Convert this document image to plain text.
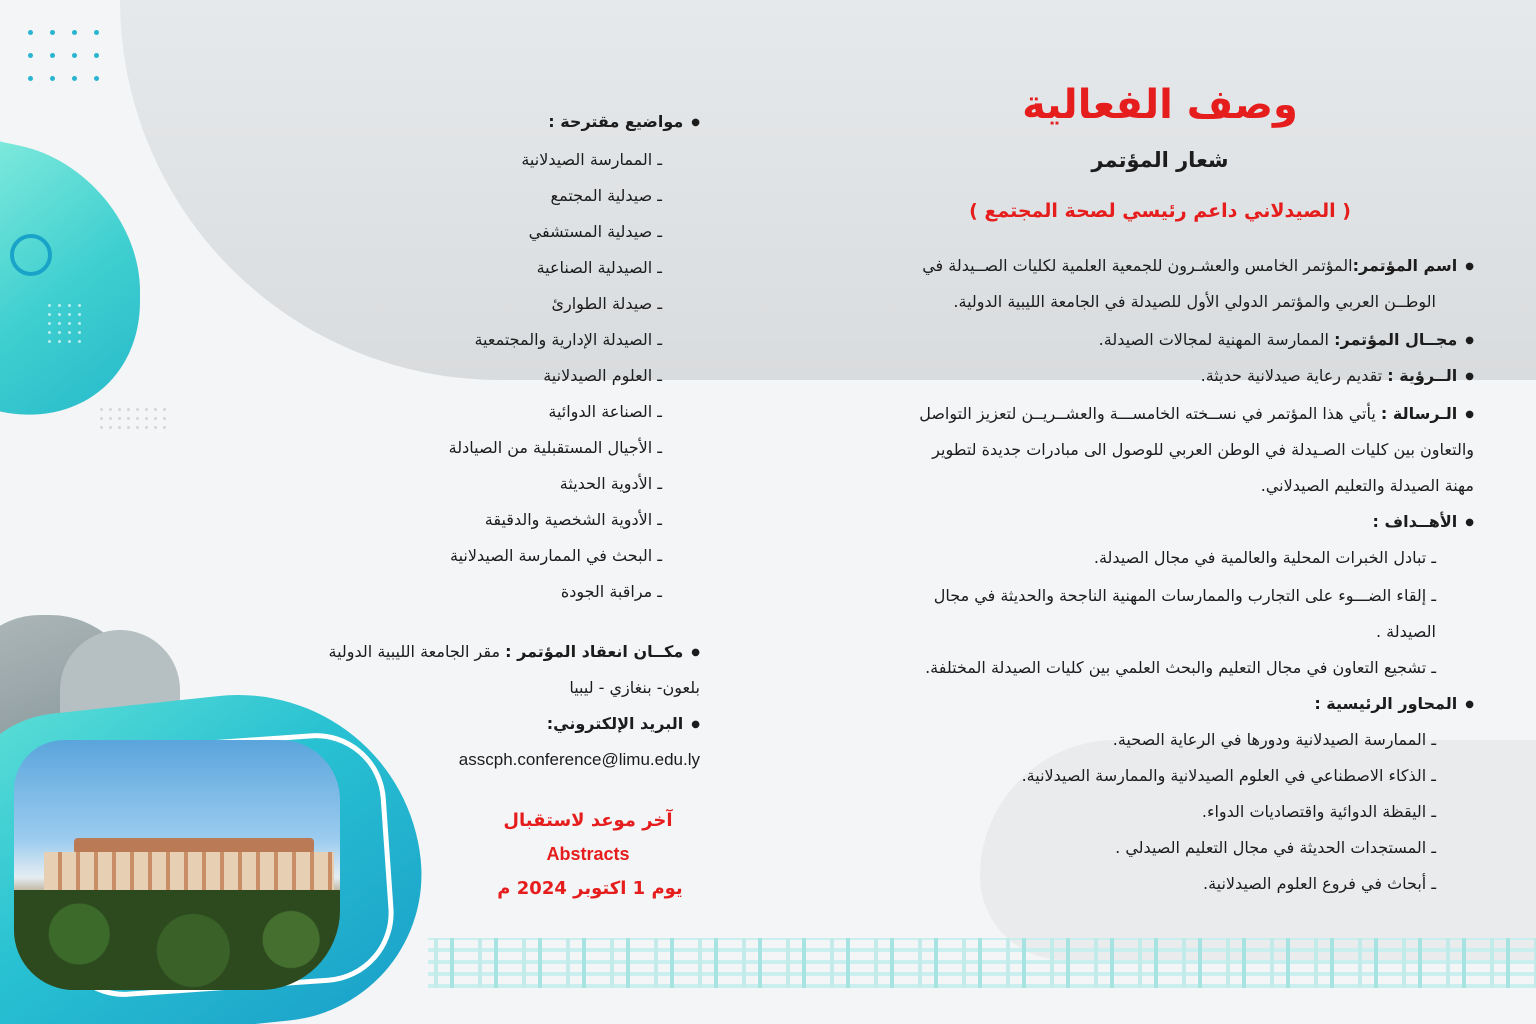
وصف الفعالية
شعار المؤتمر
( الصيدلاني داعم رئيسي لصحة المجتمع )
● اسم المؤتمر:المؤتمر الخامس والعشـرون للجمعية العلمية لكليات الصــيدلة في
الوطــن العربي والمؤتمر الدولي الأول للصيدلة في الجامعة الليبية الدولية.
● مجــال المؤتمر: الممارسة المهنية لمجالات الصيدلة.
● الــرؤية : تقديم رعاية صيدلانية حديثة.
● الـرسالة : يأتي هذا المؤتمر في نســخته الخامســـة والعشــريــن لتعزيز التواصل
والتعاون بين كليات الصـيدلة في الوطن العربي للوصول الى مبادرات جديدة لتطوير
مهنة الصيدلة والتعليم الصيدلاني.
● الأهــداف :
ـ تبادل الخبرات المحلية والعالمية في مجال الصيدلة.
ـ إلقاء الضـــوء على التجارب والممارسات المهنية الناجحة والحديثة في مجال
الصيدلة .
ـ تشجيع التعاون في مجال التعليم والبحث العلمي بين كليات الصيدلة المختلفة.
● المحاور الرئيسية :
ـ الممارسة الصيدلانية ودورها في الرعاية الصحية.
ـ الذكاء الاصطناعي في العلوم الصيدلانية والممارسة الصيدلانية.
ـ اليقظة الدوائية واقتصاديات الدواء.
ـ المستجدات الحديثة في مجال التعليم الصيدلي .
ـ أبحاث في فروع العلوم الصيدلانية.
● مواضيع مقترحة :
ـ الممارسة الصيدلانية
ـ صيدلية المجتمع
ـ صيدلية المستشفي
ـ الصيدلية الصناعية
ـ صيدلة الطوارئ
ـ الصيدلة الإدارية والمجتمعية
ـ العلوم الصيدلانية
ـ الصناعة الدوائية
ـ الأجيال المستقبلية من الصيادلة
ـ الأدوية الحديثة
ـ الأدوية الشخصية والدقيقة
ـ البحث في الممارسة الصيدلانية
ـ مراقبة الجودة
● مكــان انعقاد المؤتمر : مقر الجامعة الليبية الدولية
بلعون- بنغازي - ليبيا
● البريد الإلكتروني:
asscph.conference@limu.edu.ly
آخر موعد لاستقبال
Abstracts
يوم 1 اكتوبر 2024 م
